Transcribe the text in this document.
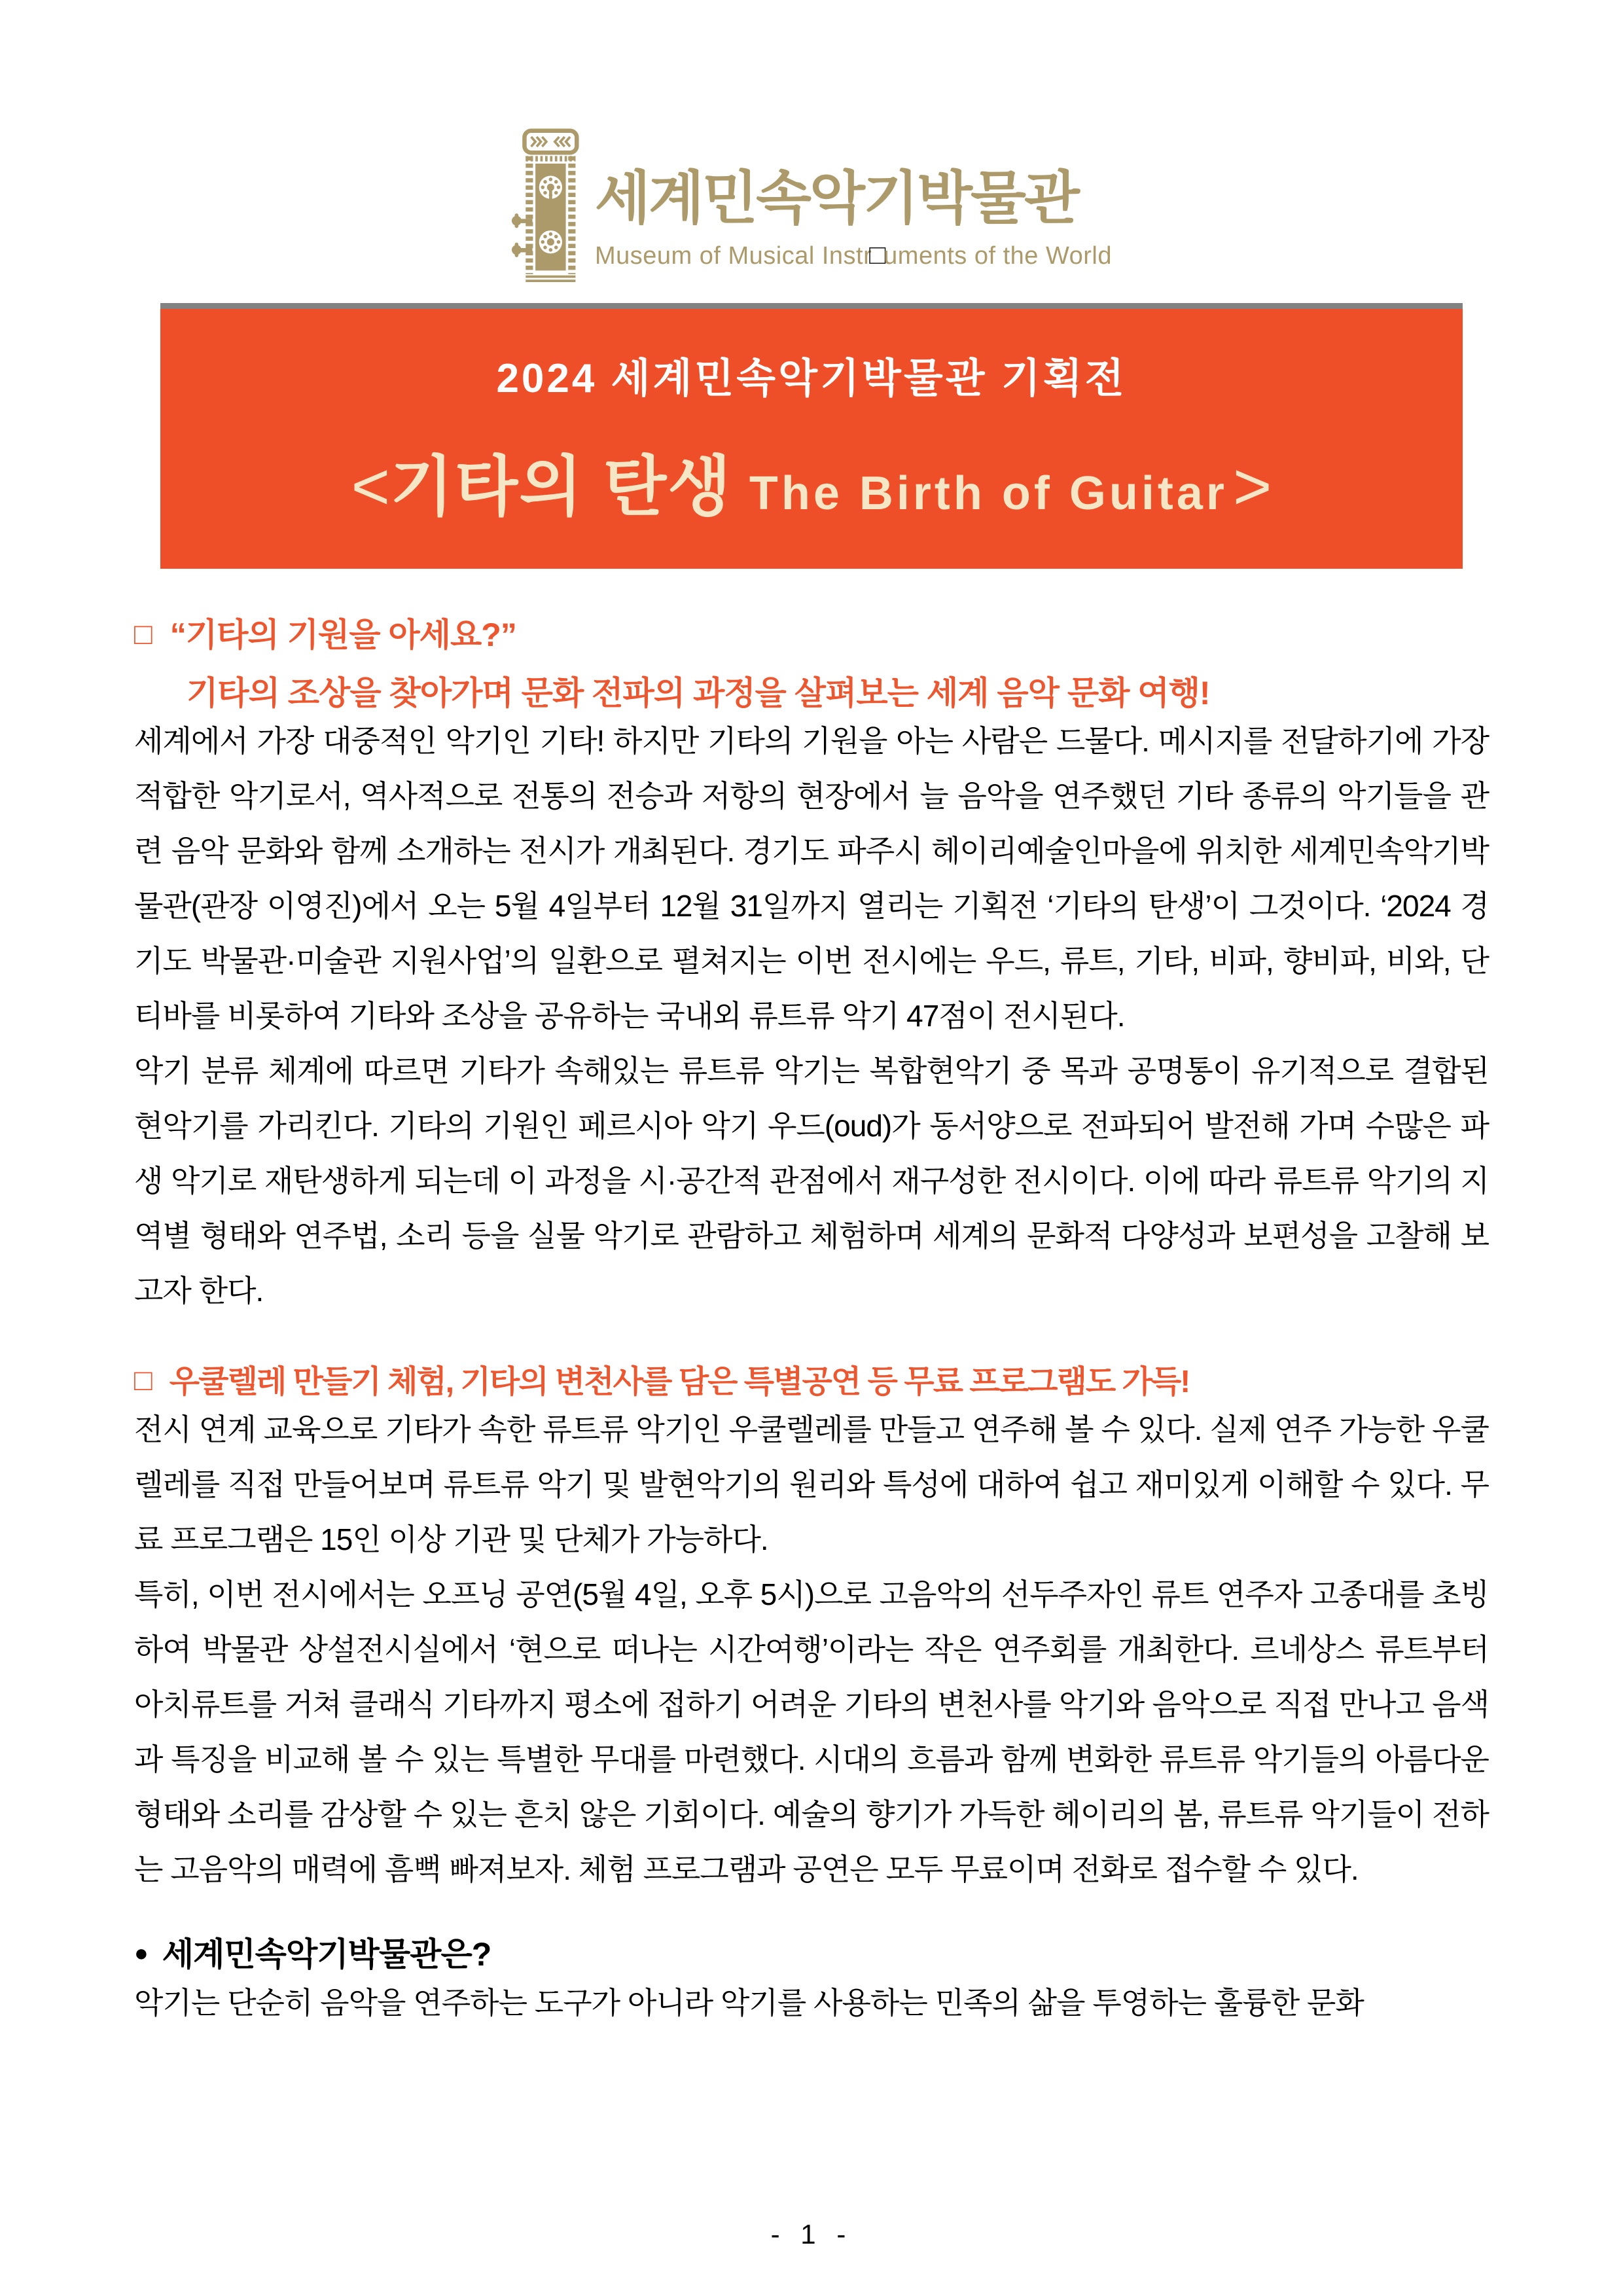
세계민속악기박물관
Museum of Musical Instr□uments of the World
2024 세계민속악기박물관 기획전
<기타의 탄생 The Birth of Guitar>
□ “기타의 기원을 아세요?”
기타의 조상을 찾아가며 문화 전파의 과정을 살펴보는 세계 음악 문화 여행!

세계에서 가장 대중적인 악기인 기타! 하지만 기타의 기원을 아는 사람은 드물다. 메시지를 전달하기에 가장 적합한 악기로서, 역사적으로 전통의 전승과 저항의 현장에서 늘 음악을 연주했던 기타 종류의 악기들을 관련 음악 문화와 함께 소개하는 전시가 개최된다. 경기도 파주시 헤이리예술인마을에 위치한 세계민속악기박물관(관장 이영진)에서 오는 5월 4일부터 12월 31일까지 열리는 기획전 ‘기타의 탄생’이 그것이다. ‘2024 경기도 박물관·미술관 지원사업’의 일환으로 펼쳐지는 이번 전시에는 우드, 류트, 기타, 비파, 향비파, 비와, 단티바를 비롯하여 기타와 조상을 공유하는 국내외 류트류 악기 47점이 전시된다.

악기 분류 체계에 따르면 기타가 속해있는 류트류 악기는 복합현악기 중 목과 공명통이 유기적으로 결합된 현악기를 가리킨다. 기타의 기원인 페르시아 악기 우드(oud)가 동서양으로 전파되어 발전해 가며 수많은 파생 악기로 재탄생하게 되는데 이 과정을 시·공간적 관점에서 재구성한 전시이다. 이에 따라 류트류 악기의 지역별 형태와 연주법, 소리 등을 실물 악기로 관람하고 체험하며 세계의 문화적 다양성과 보편성을 고찰해 보고자 한다.

□ 우쿨렐레 만들기 체험, 기타의 변천사를 담은 특별공연 등 무료 프로그램도 가득!

전시 연계 교육으로 기타가 속한 류트류 악기인 우쿨렐레를 만들고 연주해 볼 수 있다. 실제 연주 가능한 우쿨렐레를 직접 만들어보며 류트류 악기 및 발현악기의 원리와 특성에 대하여 쉽고 재미있게 이해할 수 있다. 무료 프로그램은 15인 이상 기관 및 단체가 가능하다.

특히, 이번 전시에서는 오프닝 공연(5월 4일, 오후 5시)으로 고음악의 선두주자인 류트 연주자 고종대를 초빙하여 박물관 상설전시실에서 ‘현으로 떠나는 시간여행’이라는 작은 연주회를 개최한다. 르네상스 류트부터 아치류트를 거쳐 클래식 기타까지 평소에 접하기 어려운 기타의 변천사를 악기와 음악으로 직접 만나고 음색과 특징을 비교해 볼 수 있는 특별한 무대를 마련했다. 시대의 흐름과 함께 변화한 류트류 악기들의 아름다운 형태와 소리를 감상할 수 있는 흔치 않은 기회이다. 예술의 향기가 가득한 헤이리의 봄, 류트류 악기들이 전하는 고음악의 매력에 흠뻑 빠져보자. 체험 프로그램과 공연은 모두 무료이며 전화로 접수할 수 있다.

● 세계민속악기박물관은?

악기는 단순히 음악을 연주하는 도구가 아니라 악기를 사용하는 민족의 삶을 투영하는 훌륭한 문화

- 1 -
